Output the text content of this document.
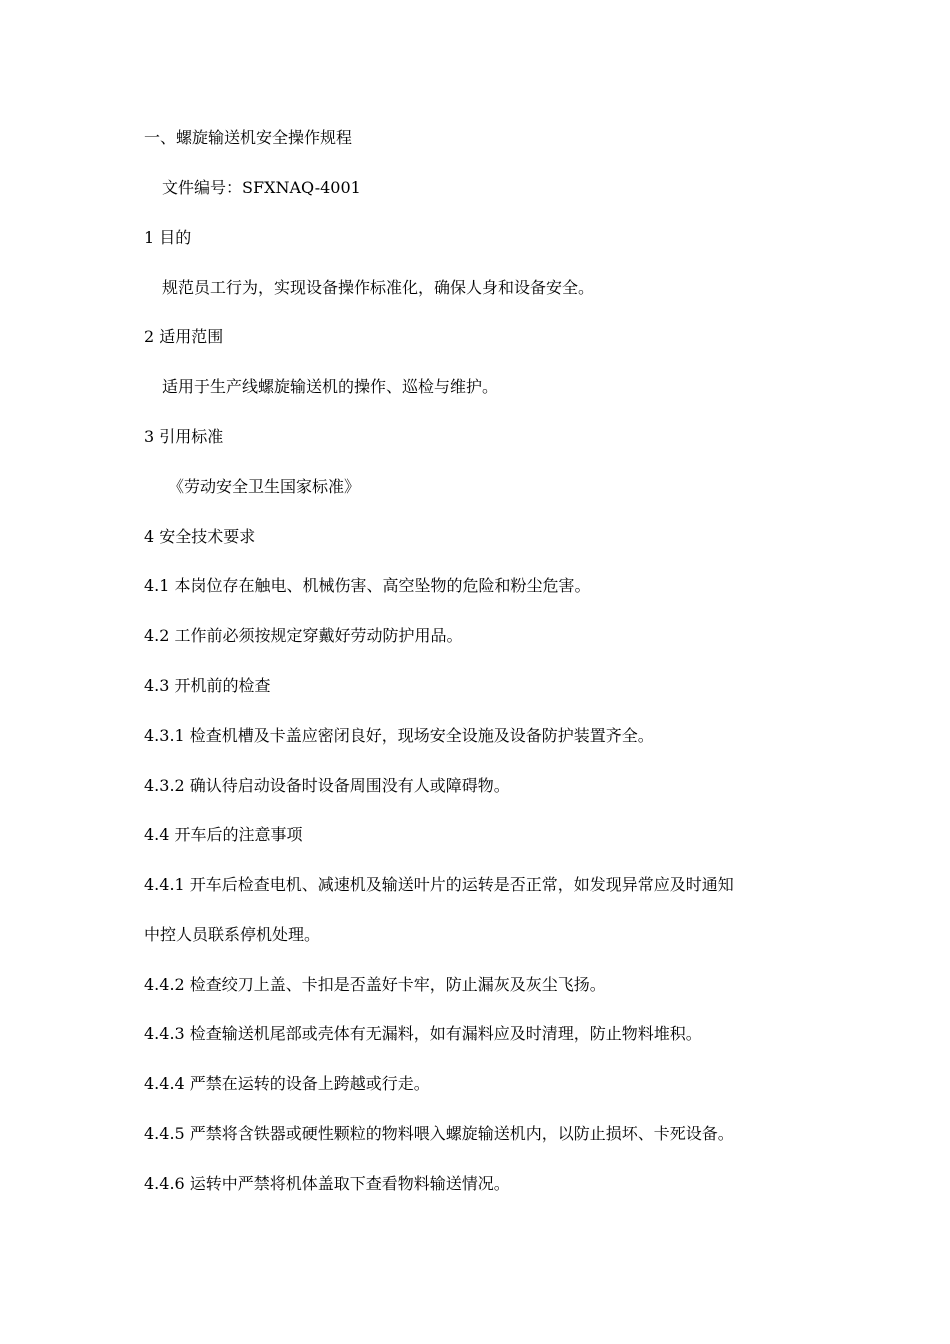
一、螺旋输送机安全操作规程
文件编号：SFXNAQ-4001
1 目的
规范员工行为，实现设备操作标准化，确保人身和设备安全。
2 适用范围
适用于生产线螺旋输送机的操作、巡检与维护。
3 引用标准
《劳动安全卫生国家标准》
4 安全技术要求
4.1 本岗位存在触电、机械伤害、高空坠物的危险和粉尘危害。
4.2 工作前必须按规定穿戴好劳动防护用品。
4.3 开机前的检查
4.3.1 检查机槽及卡盖应密闭良好，现场安全设施及设备防护装置齐全。
4.3.2 确认待启动设备时设备周围没有人或障碍物。
4.4 开车后的注意事项
4.4.1 开车后检查电机、减速机及输送叶片的运转是否正常，如发现异常应及时通知
中控人员联系停机处理。
4.4.2 检查绞刀上盖、卡扣是否盖好卡牢，防止漏灰及灰尘飞扬。
4.4.3 检查输送机尾部或壳体有无漏料，如有漏料应及时清理，防止物料堆积。
4.4.4 严禁在运转的设备上跨越或行走。
4.4.5 严禁将含铁器或硬性颗粒的物料喂入螺旋输送机内，以防止损坏、卡死设备。
4.4.6 运转中严禁将机体盖取下查看物料输送情况。
